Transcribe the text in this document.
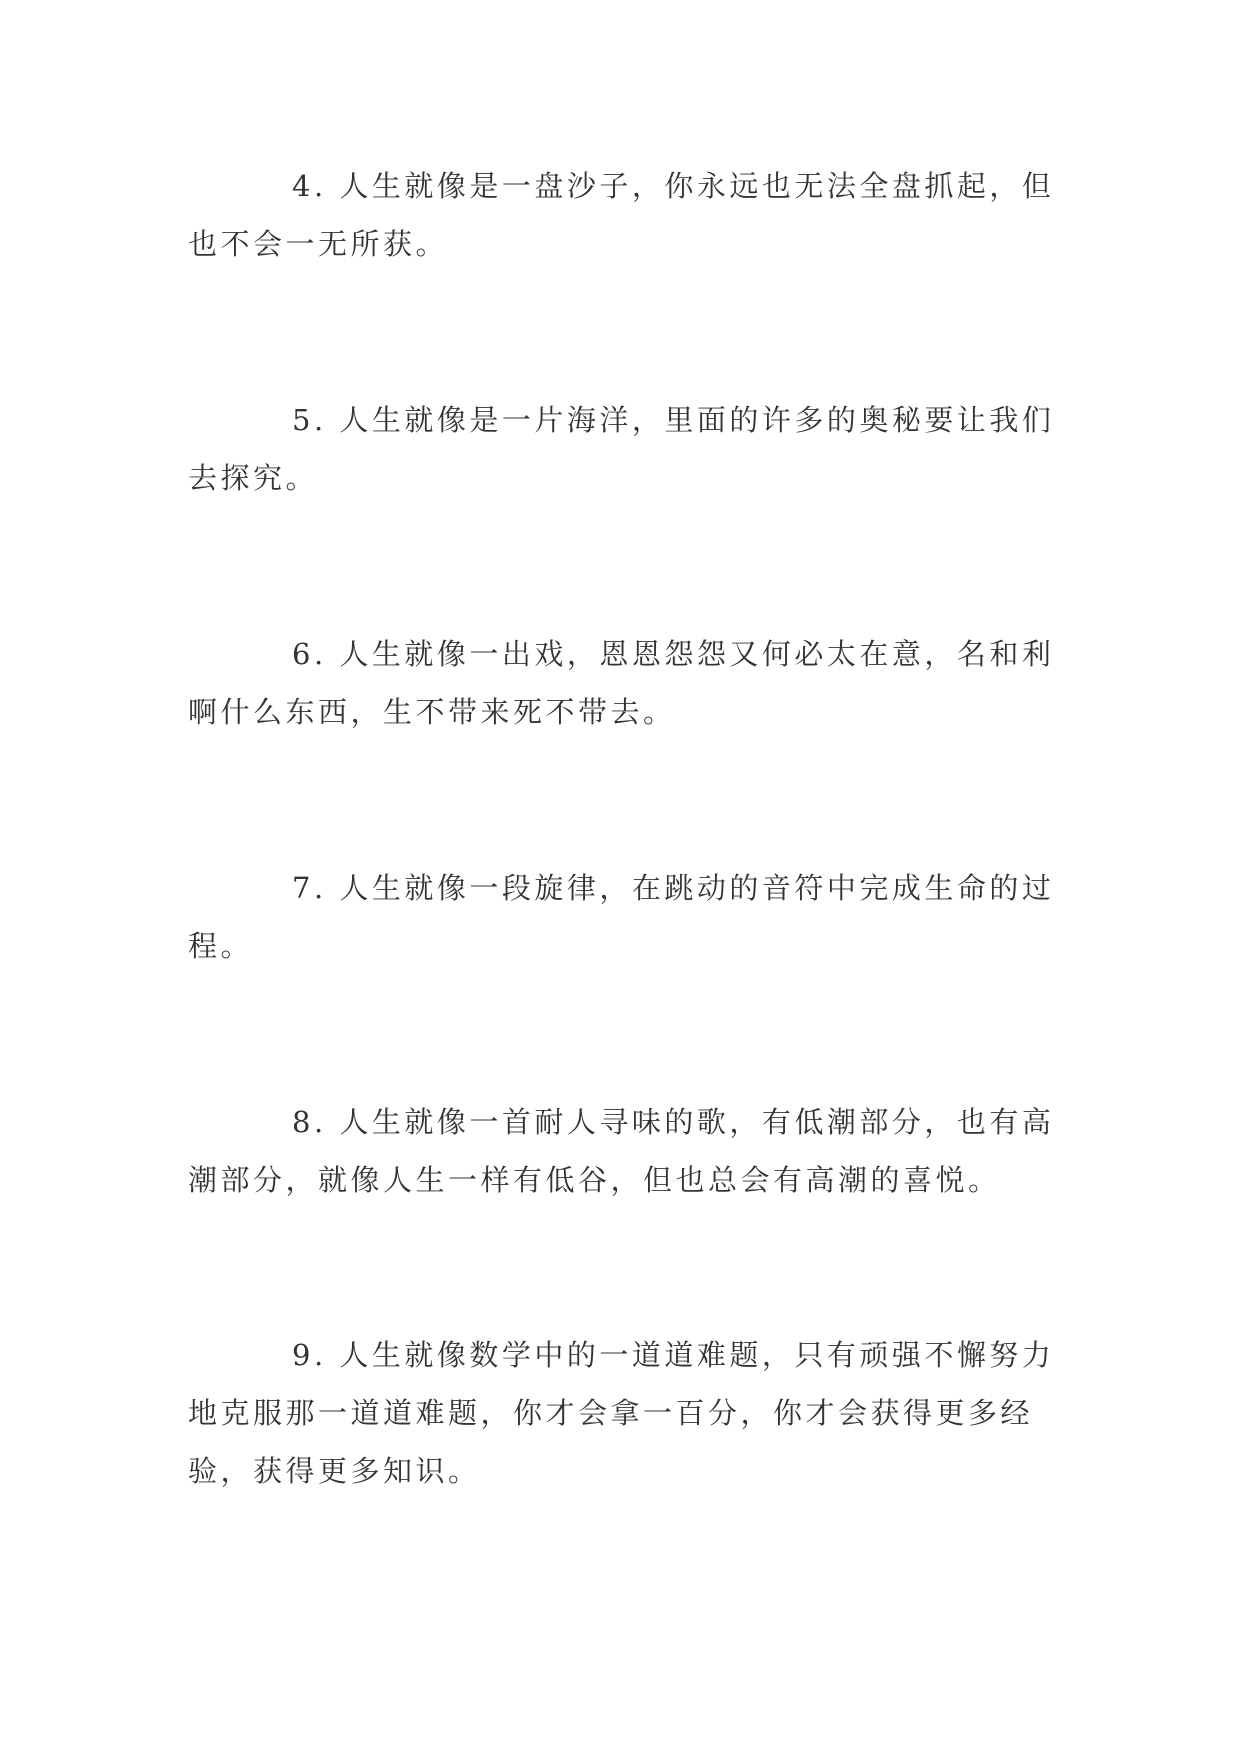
4. 人生就像是一盘沙子，你永远也无法全盘抓起，但也不会一无所获。

5. 人生就像是一片海洋，里面的许多的奥秘要让我们去探究。

6. 人生就像一出戏，恩恩怨怨又何必太在意，名和利啊什么东西，生不带来死不带去。

7. 人生就像一段旋律，在跳动的音符中完成生命的过程。

8. 人生就像一首耐人寻味的歌，有低潮部分，也有高潮部分，就像人生一样有低谷，但也总会有高潮的喜悦。

9. 人生就像数学中的一道道难题，只有顽强不懈努力地克服那一道道难题，你才会拿一百分，你才会获得更多经验，获得更多知识。
